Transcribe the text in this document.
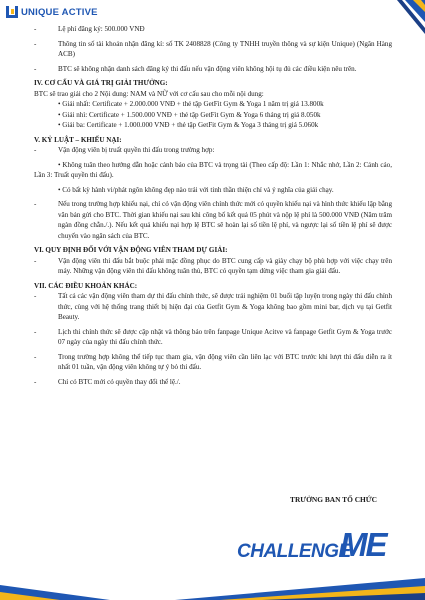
UNIQUE ACTIVE
-	Lệ phí đăng ký: 500.000 VNĐ
-	Thông tin số tài khoản nhận đăng kí: số TK 2408828 (Công ty TNHH truyền thông và sự kiện Unique) (Ngân Hàng ACB)
-	BTC sẽ không nhận danh sách đăng ký thi đấu nếu vận động viên không hội tụ đủ các điều kiện nêu trên.
IV. CƠ CẤU VÀ GIÁ TRỊ GIẢI THƯỞNG:
BTC sẽ trao giải cho 2 Nội dung: NAM và NỮ với cơ cấu sau cho mỗi nội dung:
• Giải nhất: Certificate + 2.000.000 VNĐ + thẻ tập GetFit Gym & Yoga 1 năm trị giá 13.800k
• Giải nhì: Certificate + 1.500.000 VNĐ + thẻ tập GetFit Gym & Yoga 6 tháng trị giá 8.050k
• Giải ba: Certificate + 1.000.000 VNĐ + thẻ tập GetFit Gym & Yoga 3 tháng trị giá 5.060k
V. KỶ LUẬT – KHIẾU NẠI:
-	Vận động viên bị truất quyền thi đấu trong trường hợp:
• Không tuân theo hướng dẫn hoặc cảnh báo của BTC và trọng tài (Theo cấp độ: Lần 1: Nhắc nhở, Lần 2: Cảnh cáo, Lần 3: Truất quyền thi đấu).
• Có bất kỳ hành vi/phát ngôn không đẹp nào trái với tinh thần thiện chí và ý nghĩa của giải chạy.
-	Nếu trong trường hợp khiếu nại, chỉ có vận động viên chính thức mới có quyền khiếu nại và hình thức khiếu lập bằng văn bản gửi cho BTC. Thời gian khiếu nại sau khi công bố kết quả 05 phút và nộp lệ phí là 500.000 VNĐ (Năm trăm ngàn đồng chẵn./.). Nếu kết quả khiếu nại hợp lệ BTC sẽ hoàn lại số tiền lệ phí, và ngược lại số tiền lệ phí sẽ được chuyển vào ngân sách của BTC.
VI. QUY ĐỊNH ĐỐI VỚI VẬN ĐỘNG VIÊN THAM DỰ GIẢI:
-	Vận động viên thi đấu bắt buộc phải mặc đồng phục do BTC cung cấp và giày chạy bộ phù hợp với việc chạy trên máy. Những vận động viên thi đấu không tuân thủ, BTC có quyền tạm dừng việc tham gia giải đấu.
VII. CÁC ĐIỀU KHOẢN KHÁC:
-	Tất cả các vận động viên tham dự thi đấu chính thức, sẽ được trải nghiệm 01 buổi tập luyện trong ngày thi đấu chính thức, cùng với hệ thống trang thiết bị hiện đại của Getfit Gym & Yoga không bao gồm mini bar, dịch vụ tại Getfit Beauty.
-	Lịch thi chính thức sẽ được cập nhật và thông báo trên fanpage Unique Acitve và fanpage Getfit Gym & Yoga trước 07 ngày của ngày thi đấu chính thức.
-	Trong trường hợp không thể tiếp tục tham gia, vận động viên cần liên lạc với BTC trước khi lượt thi đấu diễn ra ít nhất 01 tuần, vận động viên không tự ý bỏ thi đấu.
-	Chỉ có BTC mới có quyền thay đổi thể lệ./.
TRƯỞNG BAN TỔ CHỨC
CHALLENGE
ME
